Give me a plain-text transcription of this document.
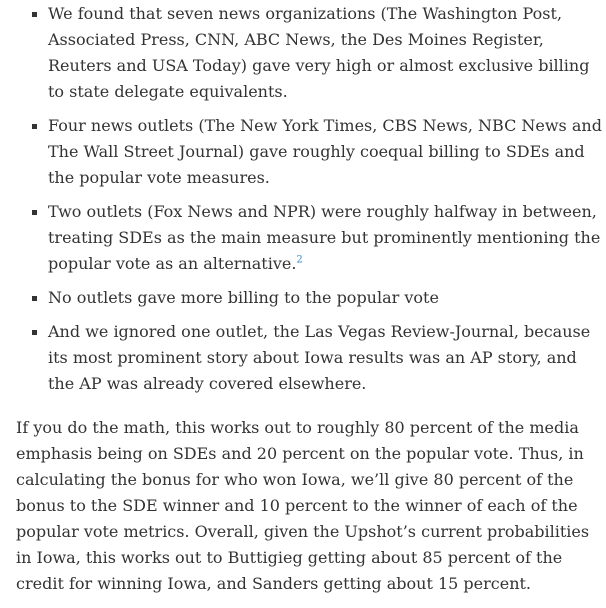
We found that seven news organizations (The Washington Post, Associated Press, CNN, ABC News, the Des Moines Register, Reuters and USA Today) gave very high or almost exclusive billing to state delegate equivalents.
Four news outlets (The New York Times, CBS News, NBC News and The Wall Street Journal) gave roughly coequal billing to SDEs and the popular vote measures.
Two outlets (Fox News and NPR) were roughly halfway in between, treating SDEs as the main measure but prominently mentioning the popular vote as an alternative.$^2$
No outlets gave more billing to the popular vote
And we ignored one outlet, the Las Vegas Review-Journal, because its most prominent story about Iowa results was an AP story, and the AP was already covered elsewhere.

If you do the math, this works out to roughly 80 percent of the media emphasis being on SDEs and 20 percent on the popular vote. Thus, in calculating the bonus for who won Iowa, we’ll give 80 percent of the bonus to the SDE winner and 10 percent to the winner of each of the popular vote metrics. Overall, given the Upshot’s current probabilities in Iowa, this works out to Buttigieg getting about 85 percent of the credit for winning Iowa, and Sanders getting about 15 percent.
